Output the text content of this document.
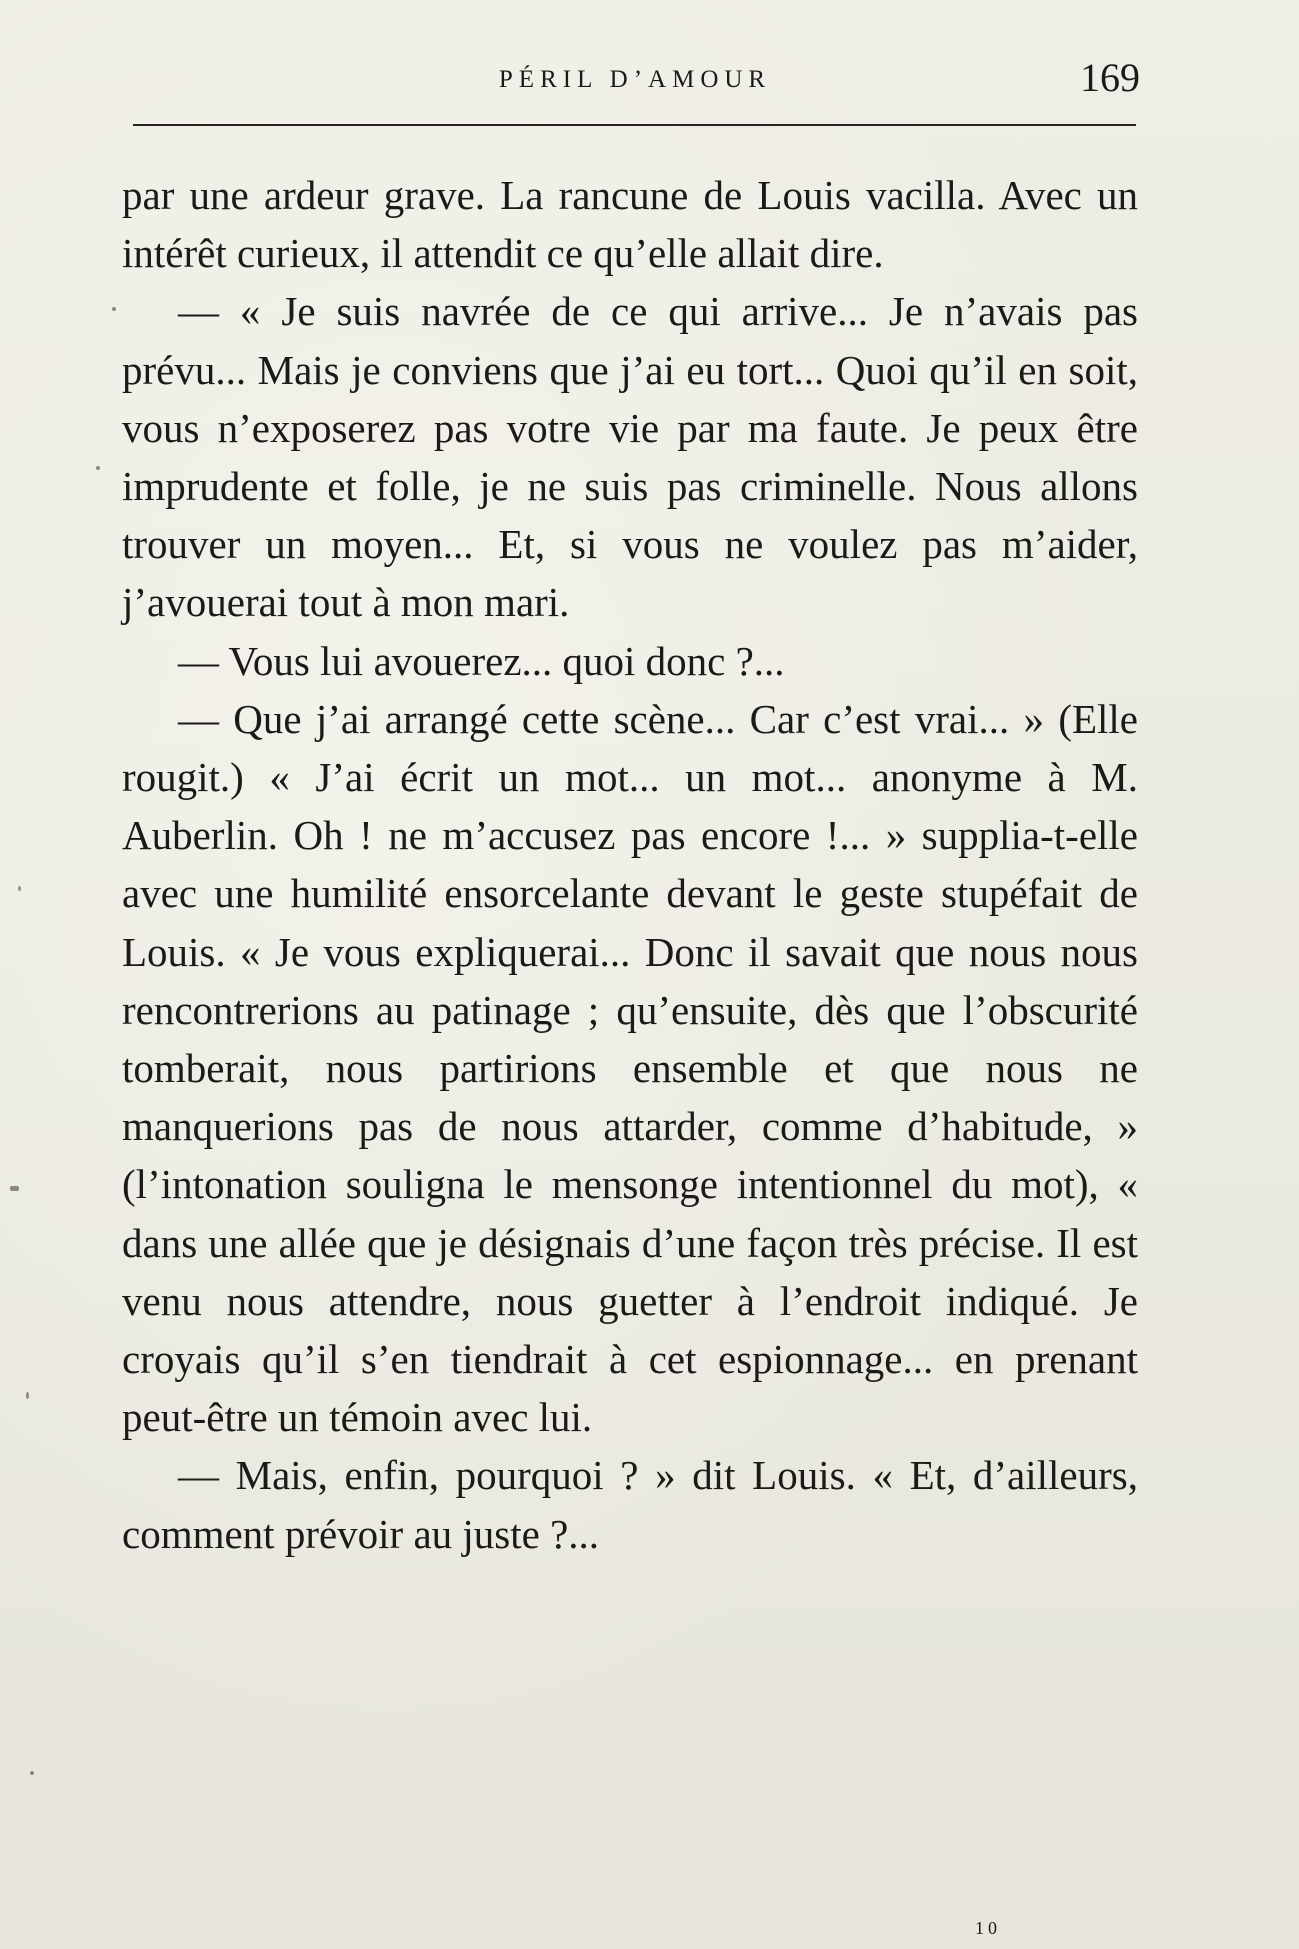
PÉRIL D’AMOUR	169

par une ardeur grave. La rancune de Louis vacilla. Avec un intérêt curieux, il attendit ce qu’elle allait dire.

— « Je suis navrée de ce qui arrive... Je n’avais pas prévu... Mais je conviens que j’ai eu tort... Quoi qu’il en soit, vous n’exposerez pas votre vie par ma faute. Je peux être imprudente et folle, je ne suis pas criminelle. Nous allons trouver un moyen... Et, si vous ne voulez pas m’aider, j’avouerai tout à mon mari.

— Vous lui avouerez... quoi donc ?...

— Que j’ai arrangé cette scène... Car c’est vrai... » (Elle rougit.) « J’ai écrit un mot... un mot... anonyme à M. Auberlin. Oh ! ne m’accusez pas encore !... » supplia-t-elle avec une humilité ensorcelante devant le geste stupéfait de Louis. « Je vous expliquerai... Donc il savait que nous nous rencontrerions au patinage ; qu’ensuite, dès que l’obscurité tomberait, nous partirions ensemble et que nous ne manquerions pas de nous attarder, comme d’habitude, » (l’intonation souligna le mensonge intentionnel du mot), « dans une allée que je désignais d’une façon très précise. Il est venu nous attendre, nous guetter à l’endroit indiqué. Je croyais qu’il s’en tiendrait à cet espionnage... en prenant peut-être un témoin avec lui.

— Mais, enfin, pourquoi ? » dit Louis. « Et, d’ailleurs, comment prévoir au juste ?...

10
